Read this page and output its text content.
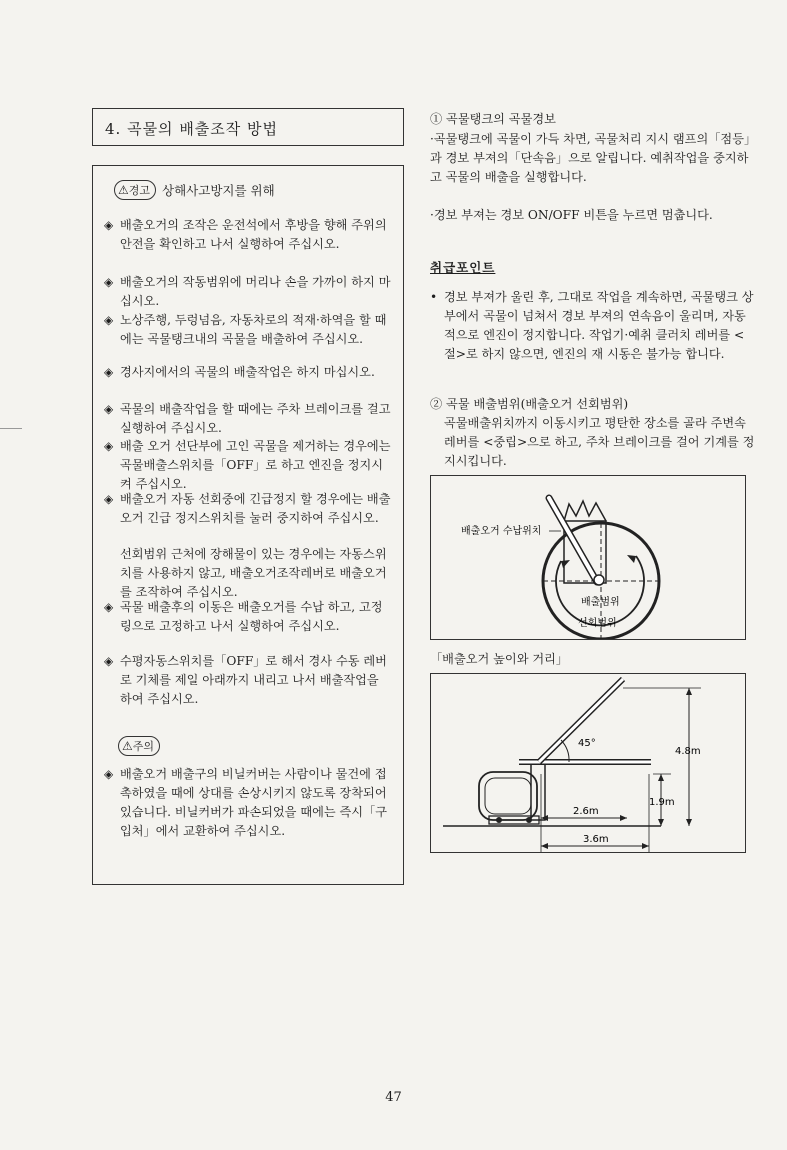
4. 곡물의 배출조작 방법
⚠경고 상해사고방지를 위해
◈ 배출오거의 조작은 운전석에서 후방을 향해 주위의 안전을 확인하고 나서 실행하여 주십시오.
◈ 배출오거의 작동범위에 머리나 손을 가까이 하지 마십시오.
◈ 노상주행, 두렁넘음, 자동차로의 적재·하역을 할 때에는 곡물탱크내의 곡물을 배출하여 주십시오.
◈ 경사지에서의 곡물의 배출작업은 하지 마십시오.
◈ 곡물의 배출작업을 할 때에는 주차 브레이크를 걸고 실행하여 주십시오.
◈ 배출 오거 선단부에 고인 곡물을 제거하는 경우에는 곡물배출스위치를「OFF」로 하고 엔진을 정지시켜 주십시오.
◈ 배출오거 자동 선회중에 긴급정지 할 경우에는 배출오거 긴급 정지스위치를 눌러 중지하여 주십시오.
선회범위 근처에 장해물이 있는 경우에는 자동스위치를 사용하지 않고, 배출오거조작레버로 배출오거를 조작하여 주십시오.
◈ 곡물 배출후의 이동은 배출오거를 수납 하고, 고정링으로 고정하고 나서 실행하여 주십시오.
◈ 수평자동스위치를「OFF」로 해서 경사 수동 레버로 기체를 제일 아래까지 내리고 나서 배출작업을 하여 주십시오.
⚠주의
◈ 배출오거 배출구의 비닐커버는 사람이나 물건에 접촉하였을 때에 상대를 손상시키지 않도록 장착되어 있습니다. 비닐커버가 파손되었을 때에는 즉시「구입처」에서 교환하여 주십시오.
① 곡물탱크의 곡물경보
·곡물탱크에 곡물이 가득 차면, 곡물처리 지시 램프의「점등」과 경보 부져의「단속음」으로 알립니다. 예취작업을 중지하고 곡물의 배출을 실행합니다.
·경보 부져는 경보 ON/OFF 비튼을 누르면 멈춥니다.
취급포인트
• 경보 부져가 울린 후, 그대로 작업을 계속하면, 곡물탱크 상부에서 곡물이 넘쳐서 경보 부져의 연속음이 울리며, 자동적으로 엔진이 정지합니다. 작업기·예취 클러치 레버를 <절>로 하지 않으면, 엔진의 재 시동은 불가능 합니다.
② 곡물 배출범위(배출오거 선회범위)
곡물배출위치까지 이동시키고 평탄한 장소를 골라 주변속레버를 <중립>으로 하고, 주차 브레이크를 걸어 기계를 정지시킵니다.
배출오거 수납위치
배출범위
선회범위
「배출오거 높이와 거리」
45°
4.8m
1.9m
2.6m
3.6m
47
